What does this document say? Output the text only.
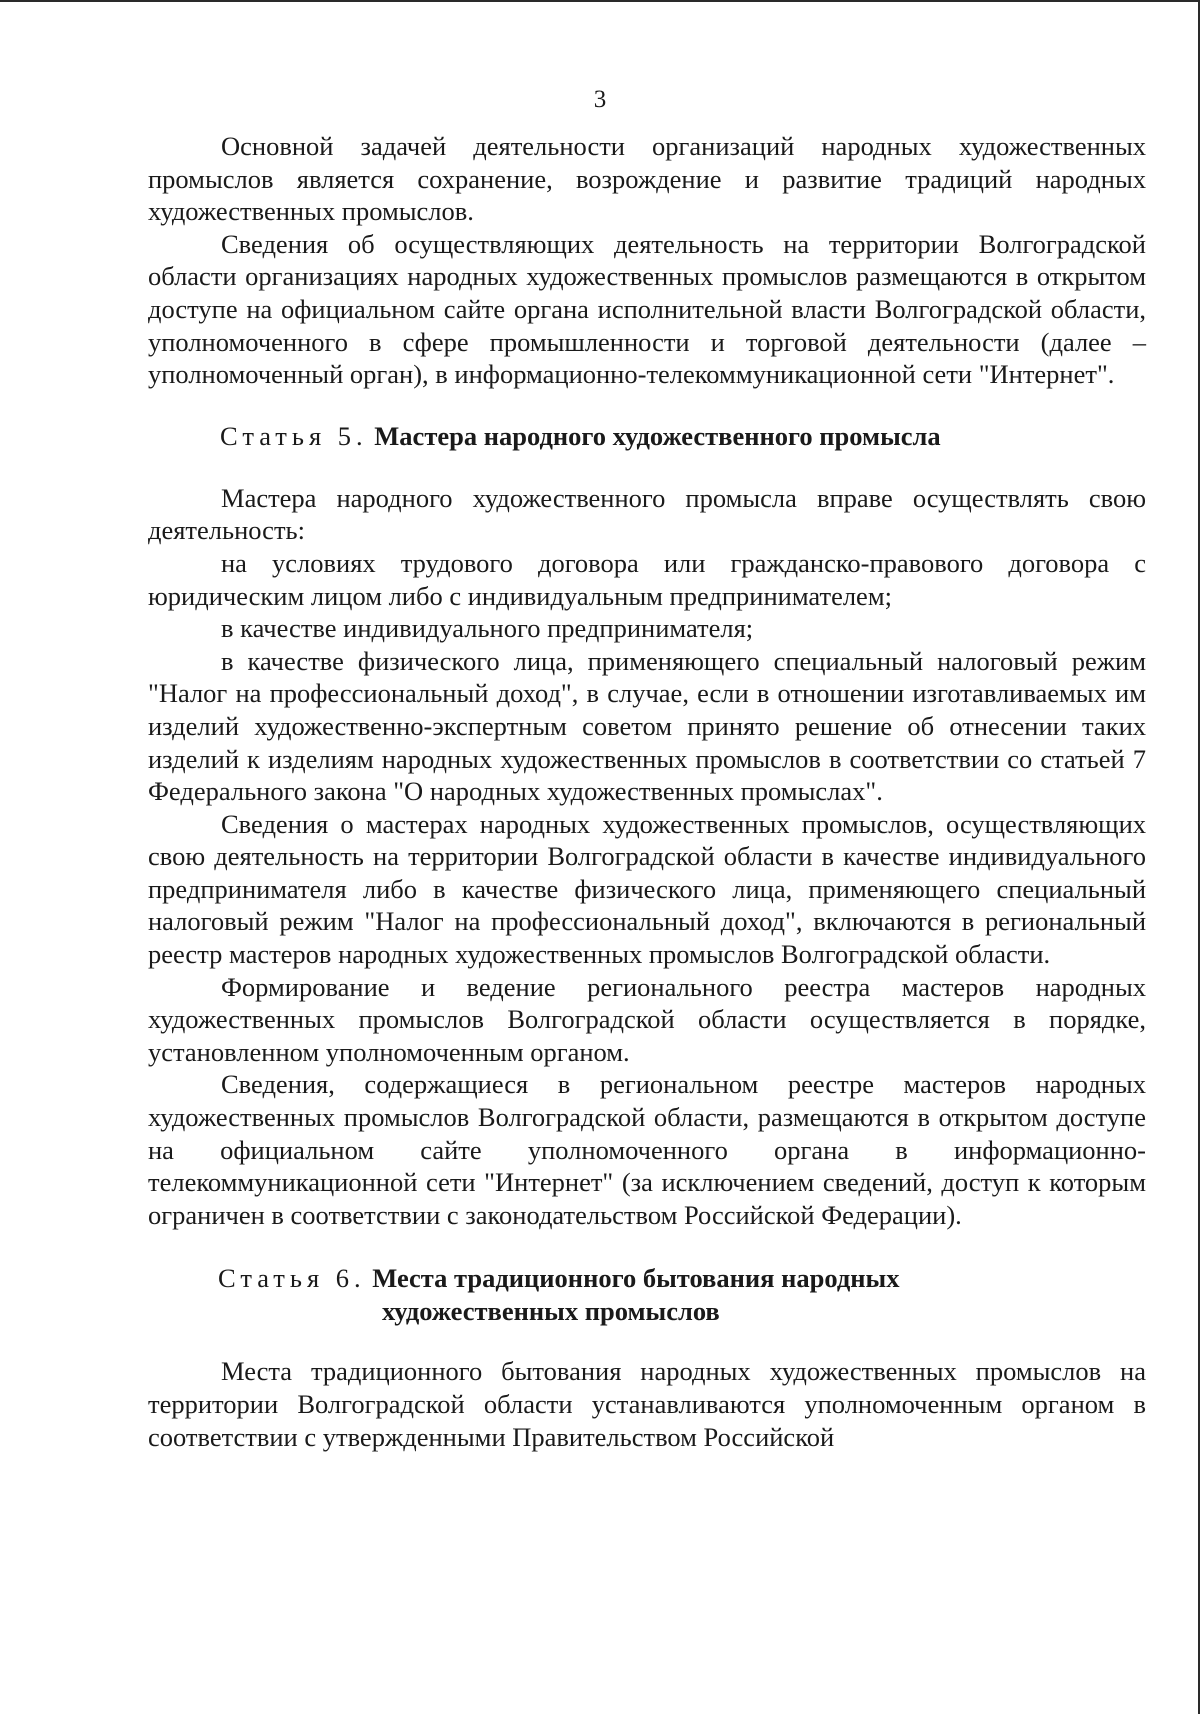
3

Основной задачей деятельности организаций народных художественных промыслов является сохранение, возрождение и развитие традиций народных художественных промыслов.

Сведения об осуществляющих деятельность на территории Волгоградской области организациях народных художественных промыслов размещаются в открытом доступе на официальном сайте органа исполнительной власти Волгоградской области, уполномоченного в сфере промышленности и торговой деятельности (далее – уполномоченный орган), в информационно-телекоммуникационной сети "Интернет".

Статья 5. Мастера народного художественного промысла

Мастера народного художественного промысла вправе осуществлять свою деятельность:

на условиях трудового договора или гражданско-правового договора с юридическим лицом либо с индивидуальным предпринимателем;

в качестве индивидуального предпринимателя;

в качестве физического лица, применяющего специальный налоговый режим "Налог на профессиональный доход", в случае, если в отношении изготавливаемых им изделий художественно-экспертным советом принято решение об отнесении таких изделий к изделиям народных художественных промыслов в соответствии со статьей 7 Федерального закона "О народных художественных промыслах".

Сведения о мастерах народных художественных промыслов, осуществляющих свою деятельность на территории Волгоградской области в качестве индивидуального предпринимателя либо в качестве физического лица, применяющего специальный налоговый режим "Налог на профессиональный доход", включаются в региональный реестр мастеров народных художественных промыслов Волгоградской области.

Формирование и ведение регионального реестра мастеров народных художественных промыслов Волгоградской области осуществляется в порядке, установленном уполномоченным органом.

Сведения, содержащиеся в региональном реестре мастеров народных художественных промыслов Волгоградской области, размещаются в открытом доступе на официальном сайте уполномоченного органа в информационно-телекоммуникационной сети "Интернет" (за исключением сведений, доступ к которым ограничен в соответствии с законодательством Российской Федерации).

Статья 6. Места традиционного бытования народных
художественных промыслов

Места традиционного бытования народных художественных промыслов на территории Волгоградской области устанавливаются уполномоченным органом в соответствии с утвержденными Правительством Российской
